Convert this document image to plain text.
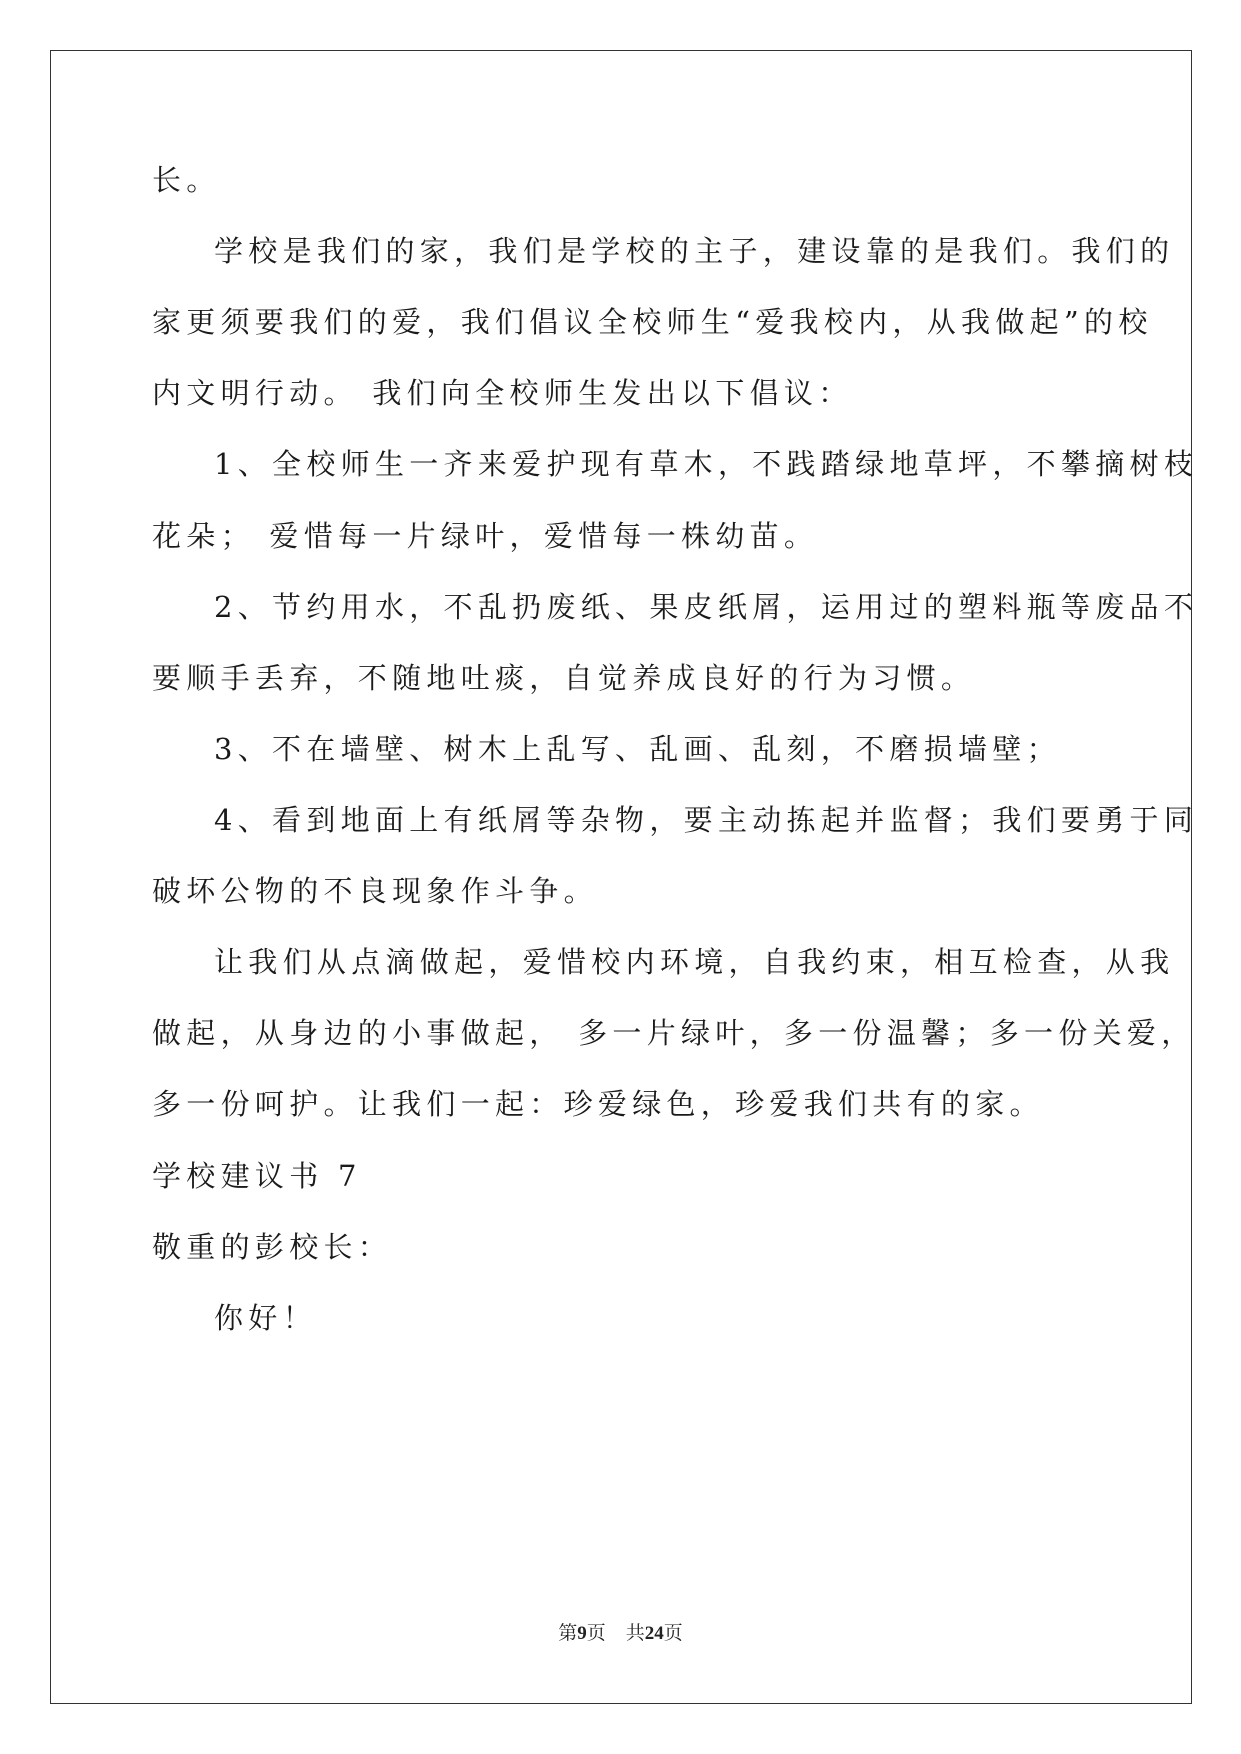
长。
学校是我们的家，我们是学校的主子，建设靠的是我们。我们的
家更须要我们的爱，我们倡议全校师生“爱我校内，从我做起”的校
内文明行动。 我们向全校师生发出以下倡议：
1、全校师生一齐来爱护现有草木，不践踏绿地草坪，不攀摘树枝
花朵； 爱惜每一片绿叶，爱惜每一株幼苗。
2、节约用水，不乱扔废纸、果皮纸屑，运用过的塑料瓶等废品不
要顺手丢弃，不随地吐痰，自觉养成良好的行为习惯。
3、不在墙壁、树木上乱写、乱画、乱刻，不磨损墙壁；
4、看到地面上有纸屑等杂物，要主动拣起并监督；我们要勇于同
破坏公物的不良现象作斗争。
让我们从点滴做起，爱惜校内环境，自我约束，相互检查，从我
做起，从身边的小事做起， 多一片绿叶，多一份温馨；多一份关爱，
多一份呵护。让我们一起：珍爱绿色，珍爱我们共有的家。
学校建议书 7
敬重的彭校长：
你好！
第9页 共24页
